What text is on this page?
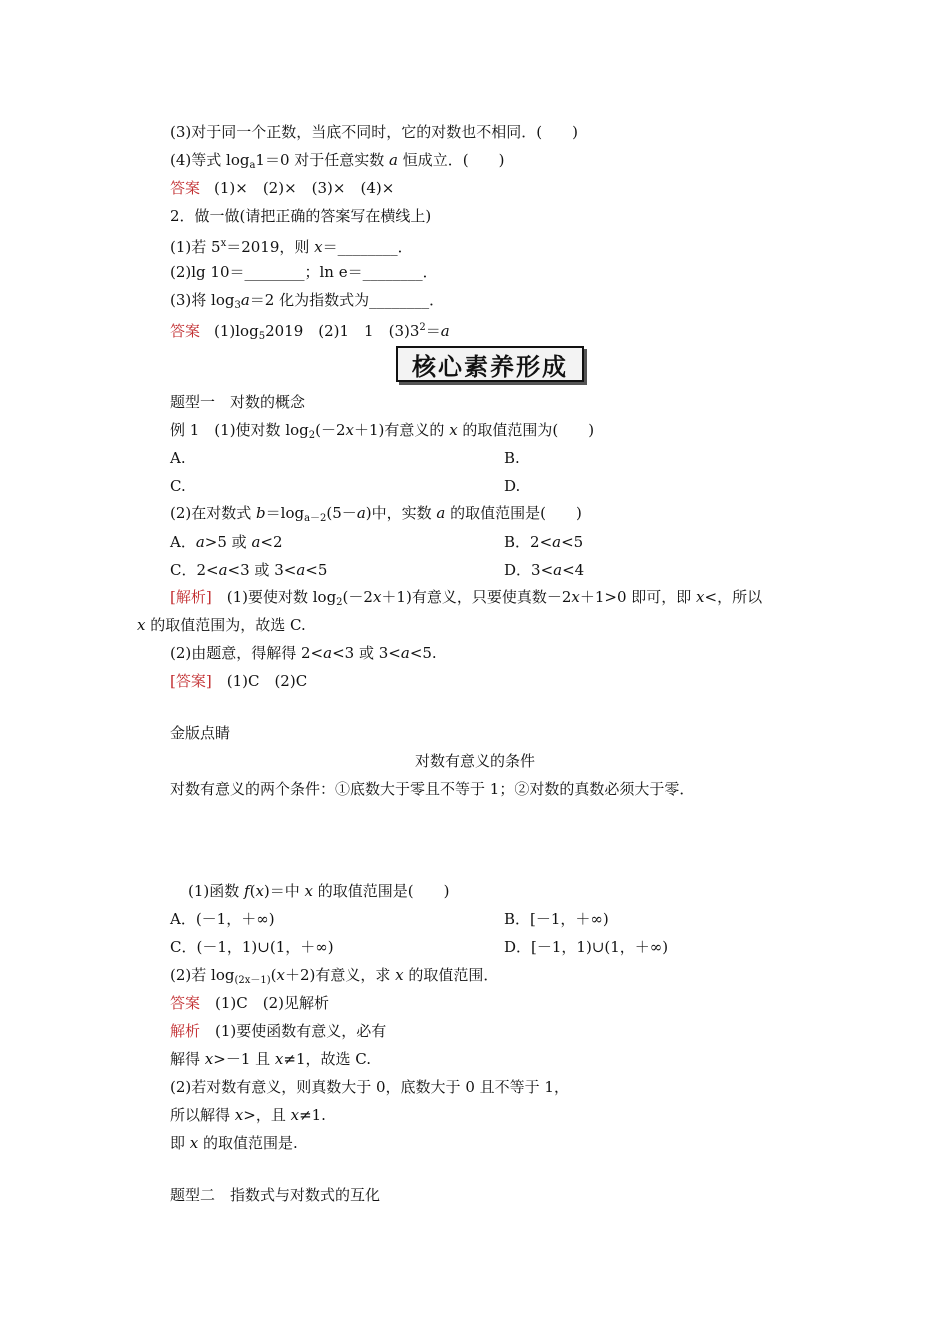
(3)对于同一个正数，当底不同时，它的对数也不相同．(　　)
(4)等式 $\log_a1=0$ 对于任意实数 a 恒成立．(　　)
答案 (1)×　(2)×　(3)×　(4)×
2．做一做(请把正确的答案写在横线上)
(1)若 $5^x=2019$，则 x＝________．
(2)lg 10＝________；ln e＝________．
(3)将 $\log_3a=2$ 化为指数式为________．
答案 $(1)\log_52019$　(2)1　1　$(3)3^2=a$
核心素养形成
题型一　对数的概念
例 1　(1)使对数 $\log_2(-2x+1)$有意义的 x 的取值范围为(　　)
A.	B.
C.	D.
(2)在对数式 $b=\log_{a-2}(5-a)$中，实数 a 的取值范围是(　　)
A．a>5 或 a<2	B．2<a<5
C．2<a<3 或 3<a<5	D．3<a<4
[解析]　(1)要使对数 $\log_2(-2x+1)$有意义，只要使真数－2x＋1>0 即可，即 x<，所以
x 的取值范围为，故选 C.
(2)由题意，得解得 2<a<3 或 3<a<5.
[答案]　(1)C　(2)C
金版点睛
对数有意义的条件
对数有意义的两个条件：①底数大于零且不等于 1；②对数的真数必须大于零．
(1)函数 f(x)＝中 x 的取值范围是(　　)
A．(－1，＋∞)	B．[－1，＋∞)
C．(－1，1)∪(1，＋∞)	D．[－1，1)∪(1，＋∞)
(2)若 $\log_{(2x-1)}(x+2)$有意义，求 x 的取值范围．
答案　(1)C　(2)见解析
解析　(1)要使函数有意义，必有
解得 x>－1 且 x≠1，故选 C.
(2)若对数有意义，则真数大于 0，底数大于 0 且不等于 1，
所以解得 x>，且 x≠1.
即 x 的取值范围是.
题型二　指数式与对数式的互化
